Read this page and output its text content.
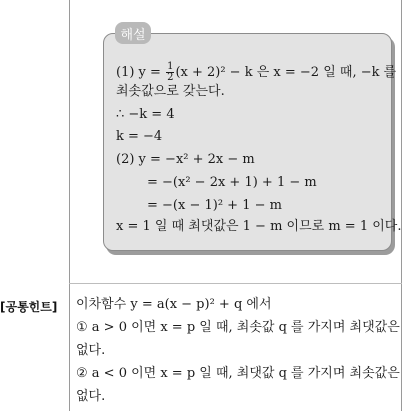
해설
(1) $y = \frac{1}{2} (x + 2)^2 - k$ 은 x = −2 일 때, −k 를
최솟값으로 갖는다.
∴ −k = 4
k = −4
(2) y = −x² + 2x − m
= −(x² − 2x + 1) + 1 − m
= −(x − 1)² + 1 − m
x = 1 일 때 최댓값은 1 − m 이므로 m = 1 이다.
[공통힌트] 이차함수 y = a(x − p)² + q 에서
① a > 0 이면 x = p 일 때, 최솟값 q 를 가지며 최댓값은
없다.
② a < 0 이면 x = p 일 때, 최댓값 q 를 가지며 최솟값은
없다.
